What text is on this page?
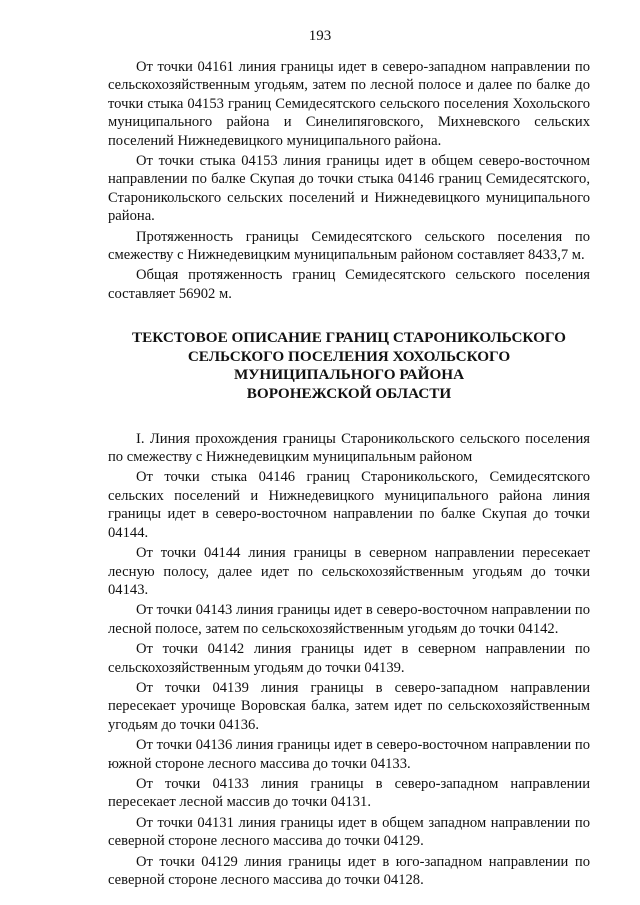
193

От точки 04161 линия границы идет в северо-западном направлении по сельскохозяйственным угодьям, затем по лесной полосе и далее по балке до точки стыка 04153 границ Семидесятского сельского поселения Хохольского муниципального района и Синелипяговского, Михневского сельских поселений Нижнедевицкого муниципального района.

От точки стыка 04153 линия границы идет в общем северо-восточном направлении по балке Скупая до точки стыка 04146 границ Семидесятского, Староникольского сельских поселений и Нижнедевицкого муниципального района.

Протяженность границы Семидесятского сельского поселения по смежеству с Нижнедевицким муниципальным районом составляет 8433,7 м.

Общая протяженность границ Семидесятского сельского поселения составляет 56902 м.

ТЕКСТОВОЕ ОПИСАНИЕ ГРАНИЦ СТАРОНИКОЛЬСКОГО
СЕЛЬСКОГО ПОСЕЛЕНИЯ ХОХОЛЬСКОГО
МУНИЦИПАЛЬНОГО РАЙОНА
ВОРОНЕЖСКОЙ ОБЛАСТИ

I. Линия прохождения границы Староникольского сельского поселения по смежеству с Нижнедевицким муниципальным районом

От точки стыка 04146 границ Староникольского, Семидесятского сельских поселений и Нижнедевицкого муниципального района линия границы идет в северо-восточном направлении по балке Скупая до точки 04144.

От точки 04144 линия границы в северном направлении пересекает лесную полосу, далее идет по сельскохозяйственным угодьям до точки 04143.

От точки 04143 линия границы идет в северо-восточном направлении по лесной полосе, затем по сельскохозяйственным угодьям до точки 04142.

От точки 04142 линия границы идет в северном направлении по сельскохозяйственным угодьям до точки 04139.

От точки 04139 линия границы в северо-западном направлении пересекает урочище Воровская балка, затем идет по сельскохозяйственным угодьям до точки 04136.

От точки 04136 линия границы идет в северо-восточном направлении по южной стороне лесного массива до точки 04133.

От точки 04133 линия границы в северо-западном направлении пересекает лесной массив до точки 04131.

От точки 04131 линия границы идет в общем западном направлении по северной стороне лесного массива до точки 04129.

От точки 04129 линия границы идет в юго-западном направлении по северной стороне лесного массива до точки 04128.
